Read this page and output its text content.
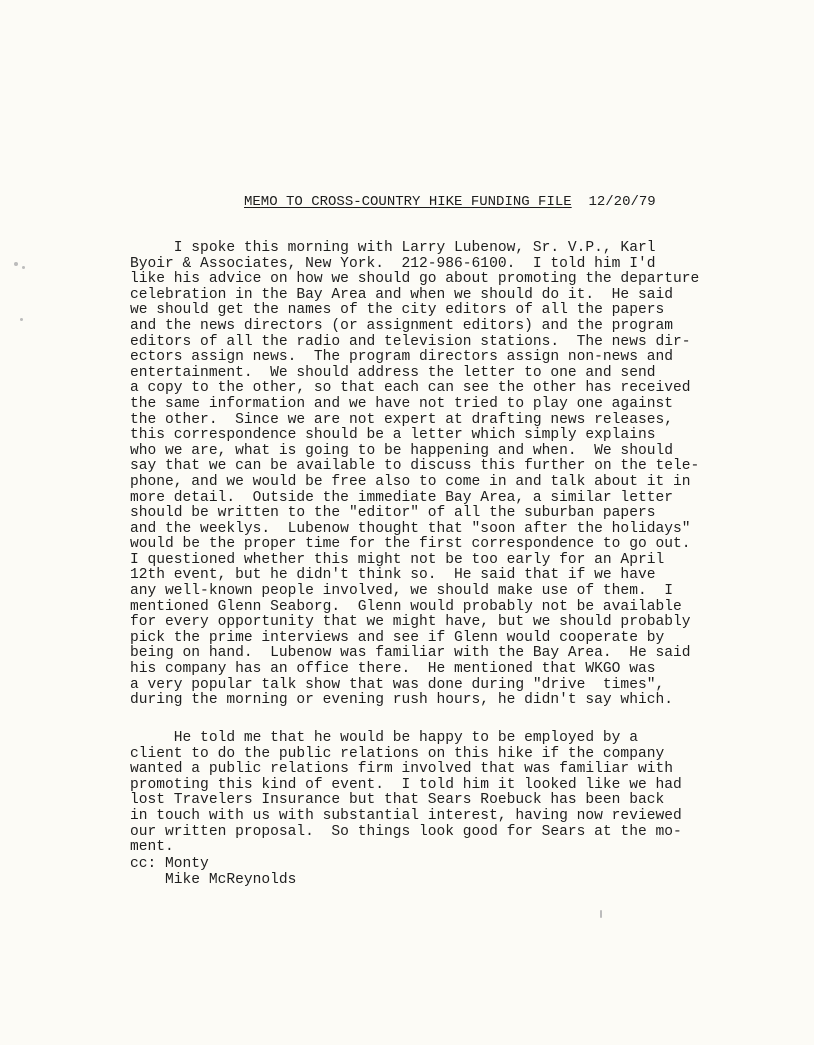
MEMO TO CROSS-COUNTRY HIKE FUNDING FILE 12/20/79
I spoke this morning with Larry Lubenow, Sr. V.P., Karl
Byoir & Associates, New York.  212-986-6100.  I told him I'd
like his advice on how we should go about promoting the departure
celebration in the Bay Area and when we should do it.  He said
we should get the names of the city editors of all the papers
and the news directors (or assignment editors) and the program
editors of all the radio and television stations.  The news dir-
ectors assign news.  The program directors assign non-news and
entertainment.  We should address the letter to one and send
a copy to the other, so that each can see the other has received
the same information and we have not tried to play one against
the other.  Since we are not expert at drafting news releases,
this correspondence should be a letter which simply explains
who we are, what is going to be happening and when.  We should
say that we can be available to discuss this further on the tele-
phone, and we would be free also to come in and talk about it in
more detail.  Outside the immediate Bay Area, a similar letter
should be written to the "editor" of all the suburban papers
and the weeklys.  Lubenow thought that "soon after the holidays"
would be the proper time for the first correspondence to go out.
I questioned whether this might not be too early for an April
12th event, but he didn't think so.  He said that if we have
any well-known people involved, we should make use of them.  I
mentioned Glenn Seaborg.  Glenn would probably not be available
for every opportunity that we might have, but we should probably
pick the prime interviews and see if Glenn would cooperate by
being on hand.  Lubenow was familiar with the Bay Area.  He said
his company has an office there.  He mentioned that WKGO was
a very popular talk show that was done during "drive  times",
during the morning or evening rush hours, he didn't say which.
He told me that he would be happy to be employed by a
client to do the public relations on this hike if the company
wanted a public relations firm involved that was familiar with
promoting this kind of event.  I told him it looked like we had
lost Travelers Insurance but that Sears Roebuck has been back
in touch with us with substantial interest, having now reviewed
our written proposal.  So things look good for Sears at the mo-
ment.
cc: Monty
Mike McReynolds
